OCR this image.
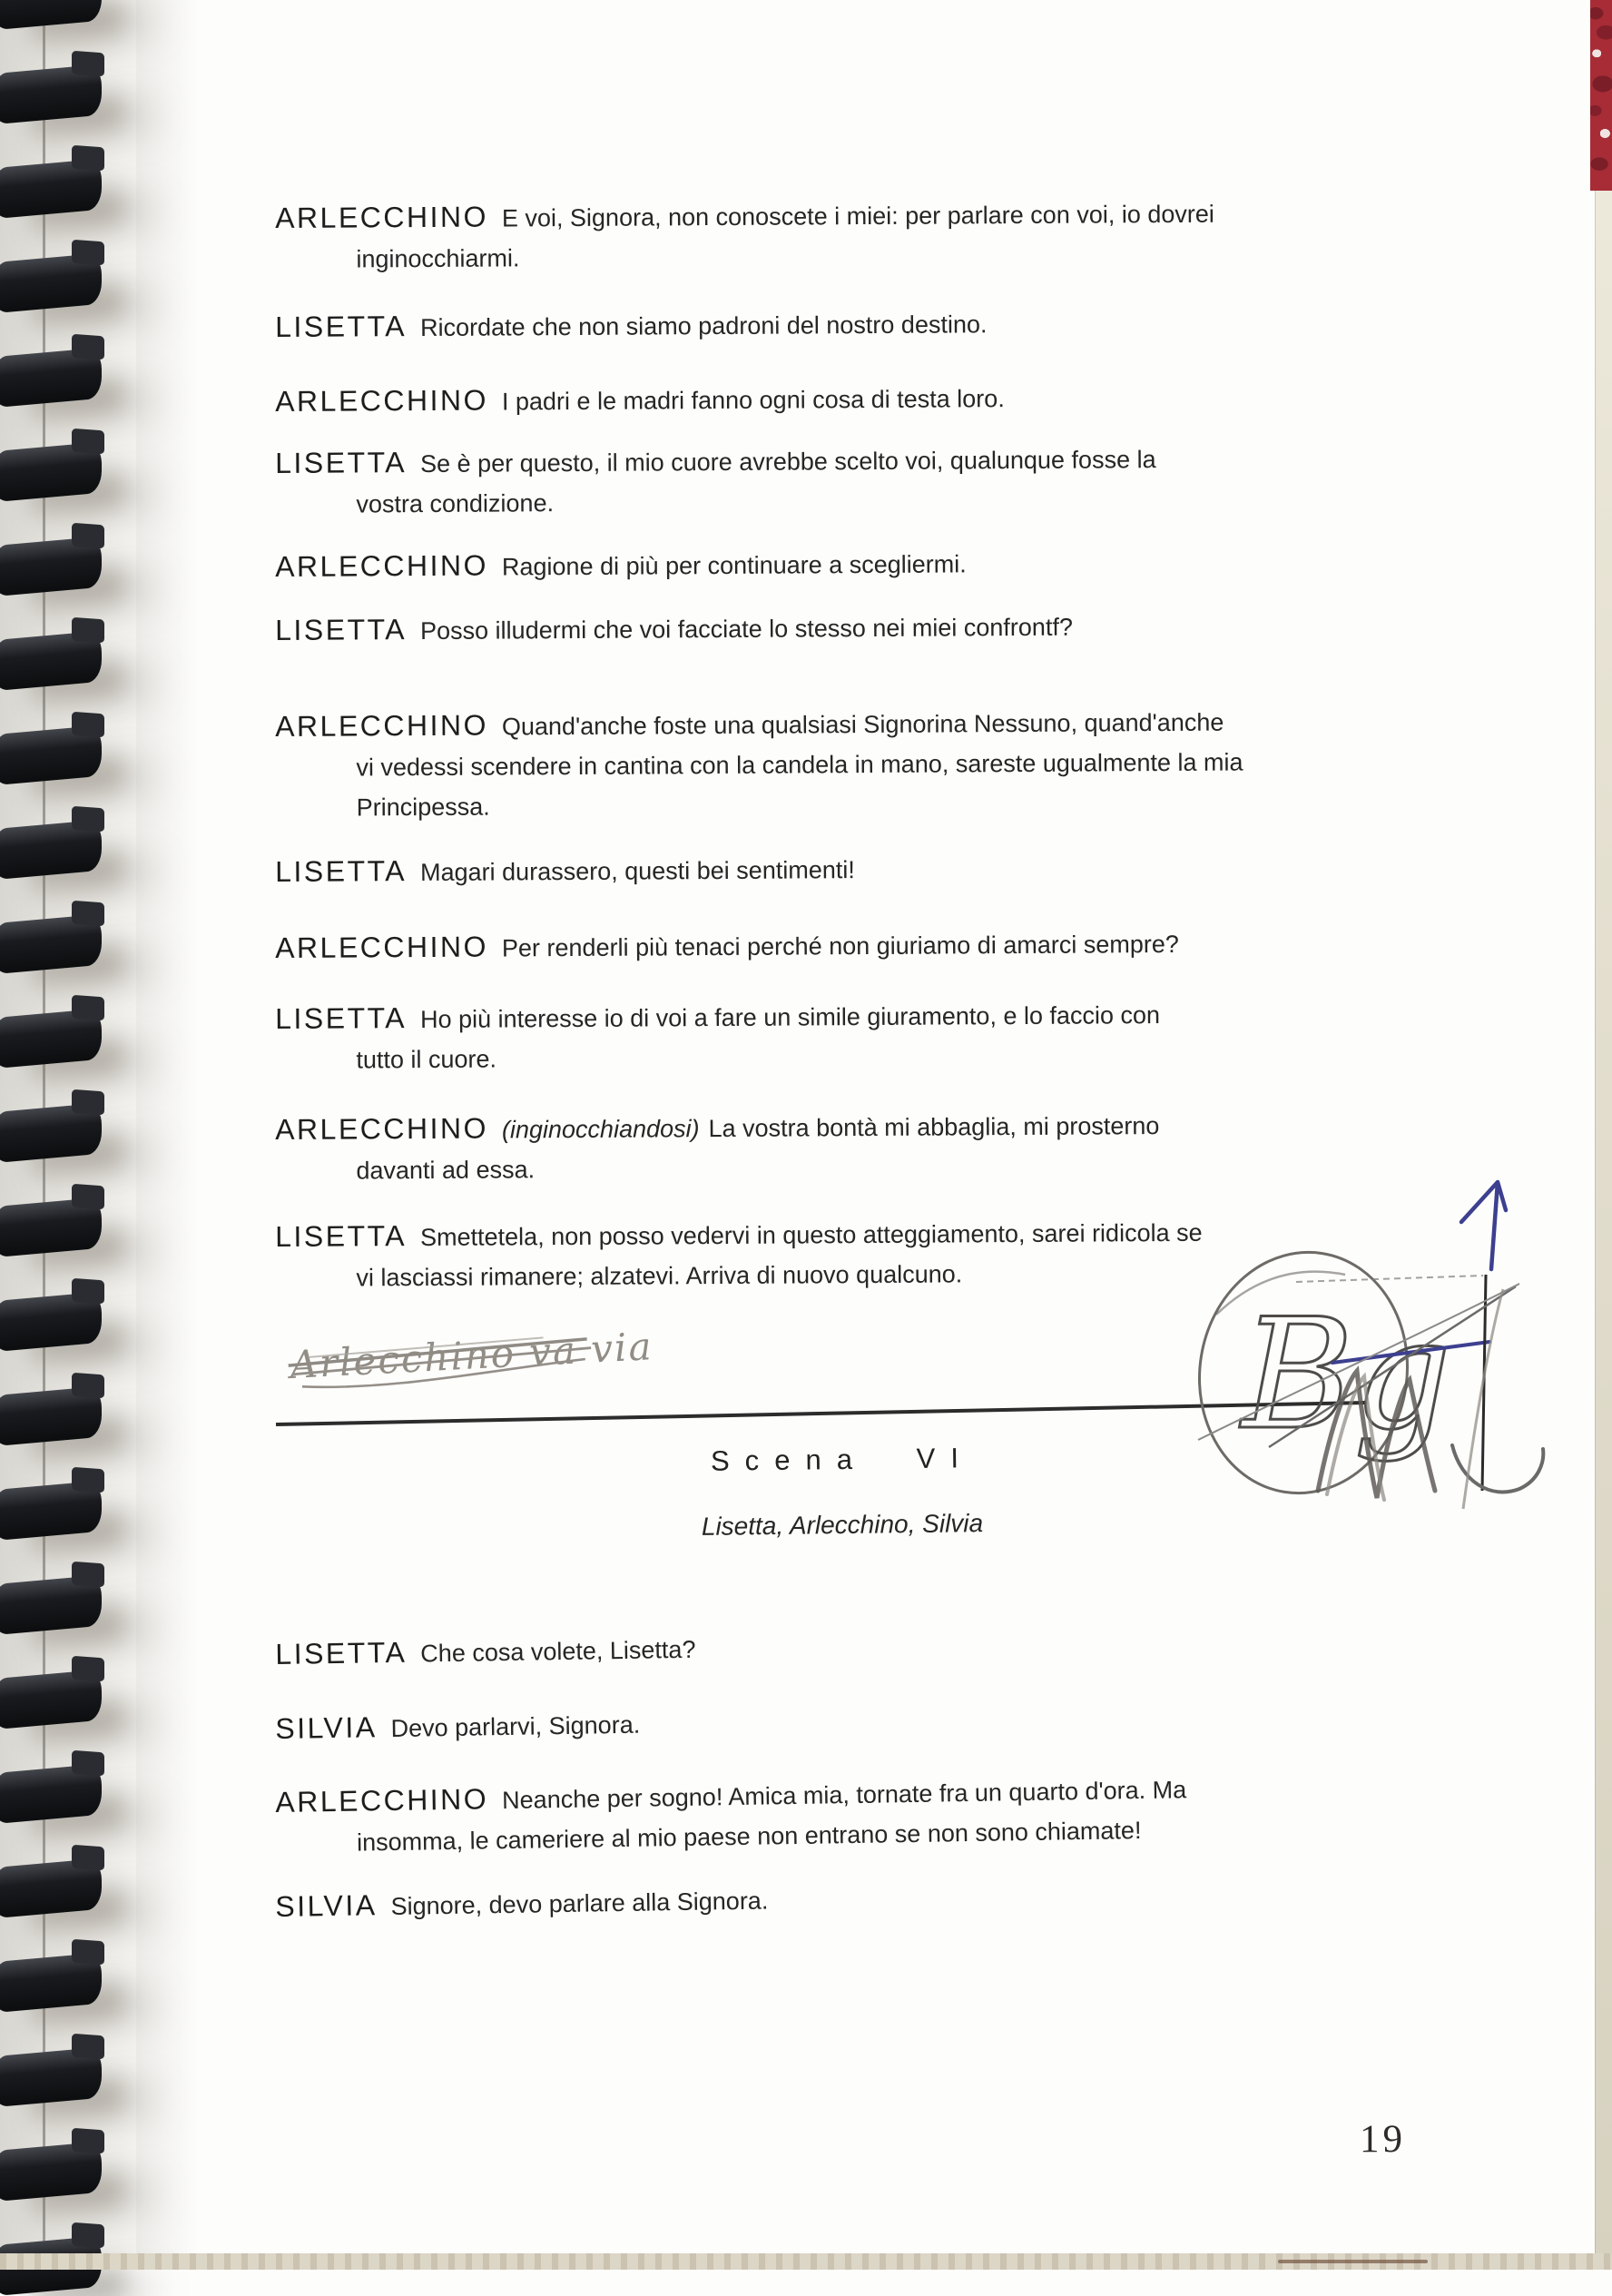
ARLECCHINO E voi, Signora, non conoscete i miei: per parlare con voi, io dovrei
inginocchiarmi.
LISETTA Ricordate che non siamo padroni del nostro destino.
ARLECCHINO I padri e le madri fanno ogni cosa di testa loro.
LISETTA Se è per questo, il mio cuore avrebbe scelto voi, qualunque fosse la
vostra condizione.
ARLECCHINO Ragione di più per continuare a scegliermi.
LISETTA Posso illudermi che voi facciate lo stesso nei miei confrontf?
ARLECCHINO Quand'anche foste una qualsiasi Signorina Nessuno, quand'anche
vi vedessi scendere in cantina con la candela in mano, sareste ugualmente la mia
Principessa.
LISETTA Magari durassero, questi bei sentimenti!
ARLECCHINO Per renderli più tenaci perché non giuriamo di amarci sempre?
LISETTA Ho più interesse io di voi a fare un simile giuramento, e lo faccio con
tutto il cuore.
ARLECCHINO (inginocchiandosi) La vostra bontà mi abbaglia, mi prosterno
davanti ad essa.
LISETTA Smettetela, non posso vedervi in questo atteggiamento, sarei ridicola se
vi lasciassi rimanere; alzatevi. Arriva di nuovo qualcuno.
Scena VI
Lisetta, Arlecchino, Silvia
LISETTA Che cosa volete, Lisetta?
SILVIA Devo parlarvi, Signora.
ARLECCHINO Neanche per sogno! Amica mia, tornate fra un quarto d'ora. Ma
insomma, le cameriere al mio paese non entrano se non sono chiamate!
SILVIA Signore, devo parlare alla Signora.
19
Arlecchino va via	Bg
